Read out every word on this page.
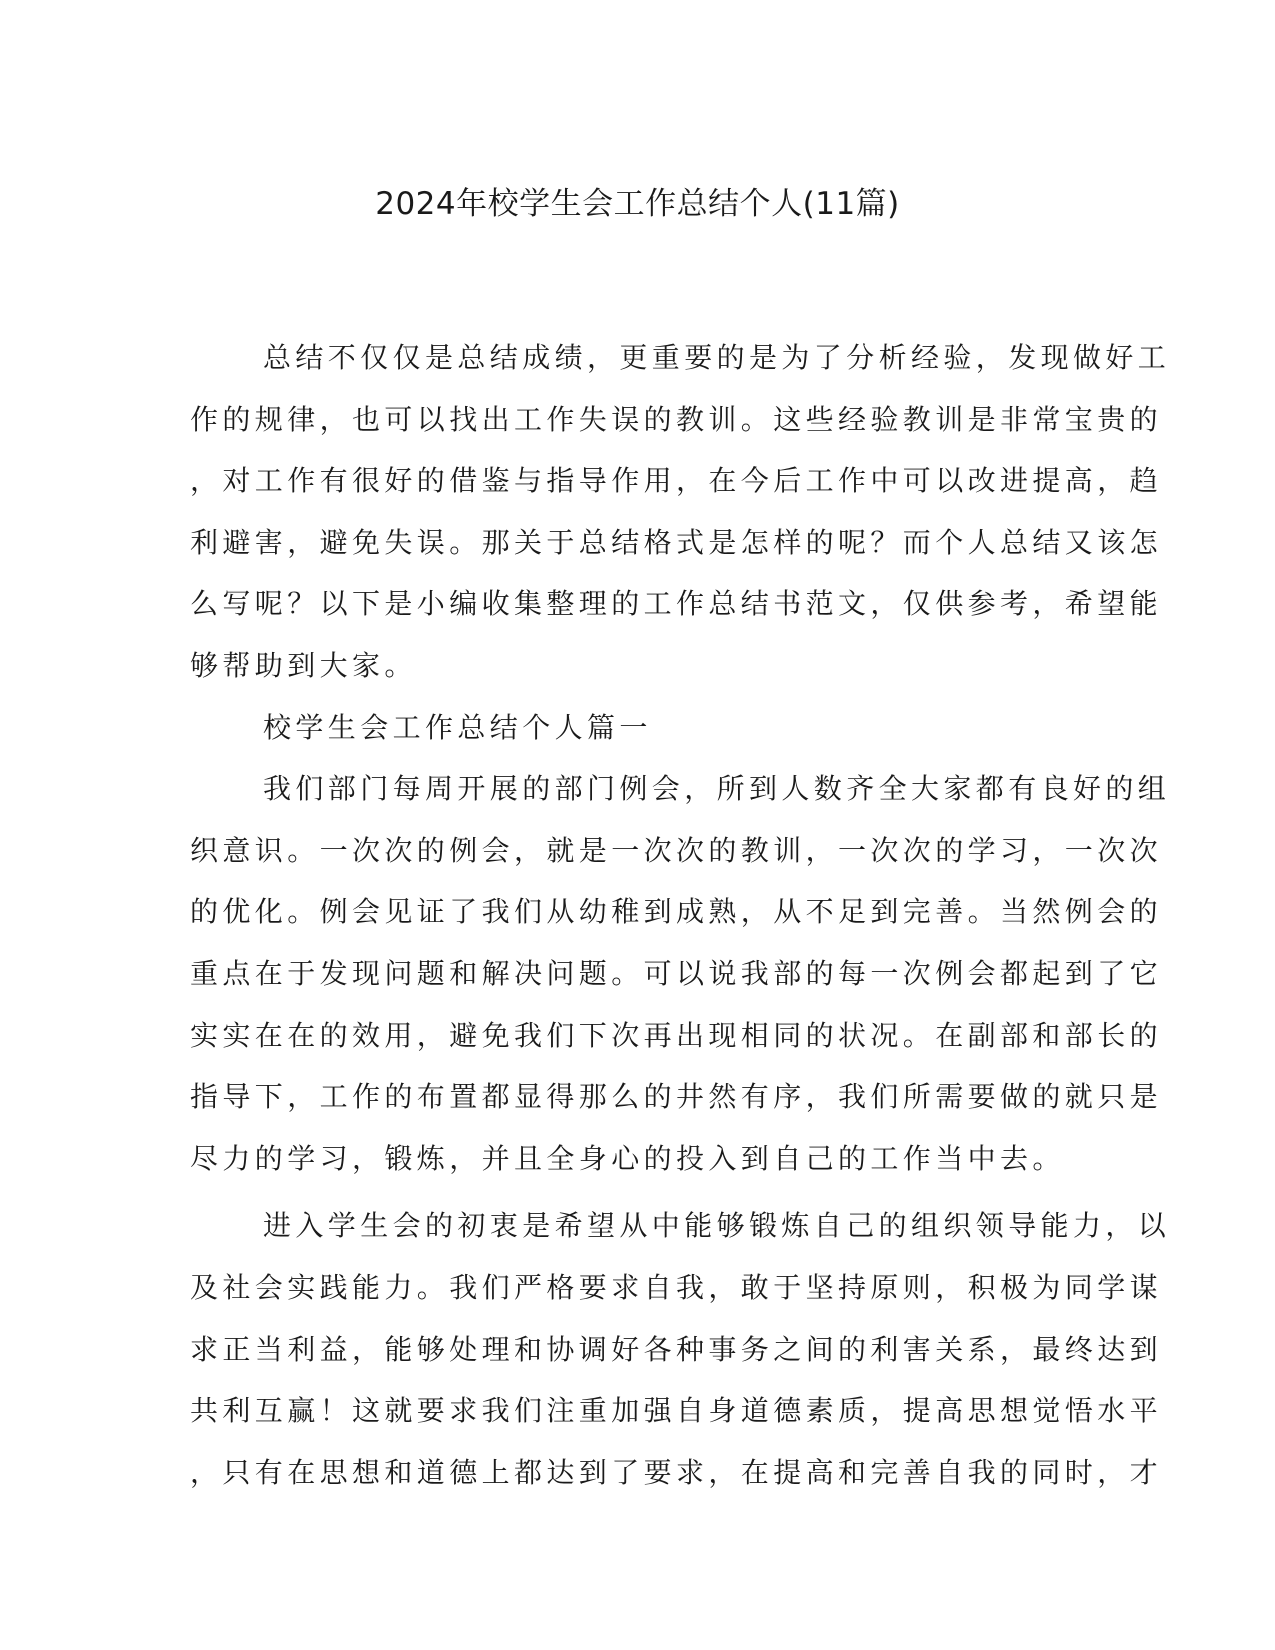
2024年校学生会工作总结个人(11篇)
总结不仅仅是总结成绩，更重要的是为了分析经验，发现做好工
作的规律，也可以找出工作失误的教训。这些经验教训是非常宝贵的
，对工作有很好的借鉴与指导作用，在今后工作中可以改进提高，趋
利避害，避免失误。那关于总结格式是怎样的呢？而个人总结又该怎
么写呢？以下是小编收集整理的工作总结书范文，仅供参考，希望能
够帮助到大家。
校学生会工作总结个人篇一
我们部门每周开展的部门例会，所到人数齐全大家都有良好的组
织意识。一次次的例会，就是一次次的教训，一次次的学习，一次次
的优化。例会见证了我们从幼稚到成熟，从不足到完善。当然例会的
重点在于发现问题和解决问题。可以说我部的每一次例会都起到了它
实实在在的效用，避免我们下次再出现相同的状况。在副部和部长的
指导下，工作的布置都显得那么的井然有序，我们所需要做的就只是
尽力的学习，锻炼，并且全身心的投入到自己的工作当中去。
进入学生会的初衷是希望从中能够锻炼自己的组织领导能力，以
及社会实践能力。我们严格要求自我，敢于坚持原则，积极为同学谋
求正当利益，能够处理和协调好各种事务之间的利害关系，最终达到
共利互赢！这就要求我们注重加强自身道德素质，提高思想觉悟水平
，只有在思想和道德上都达到了要求，在提高和完善自我的同时，才
